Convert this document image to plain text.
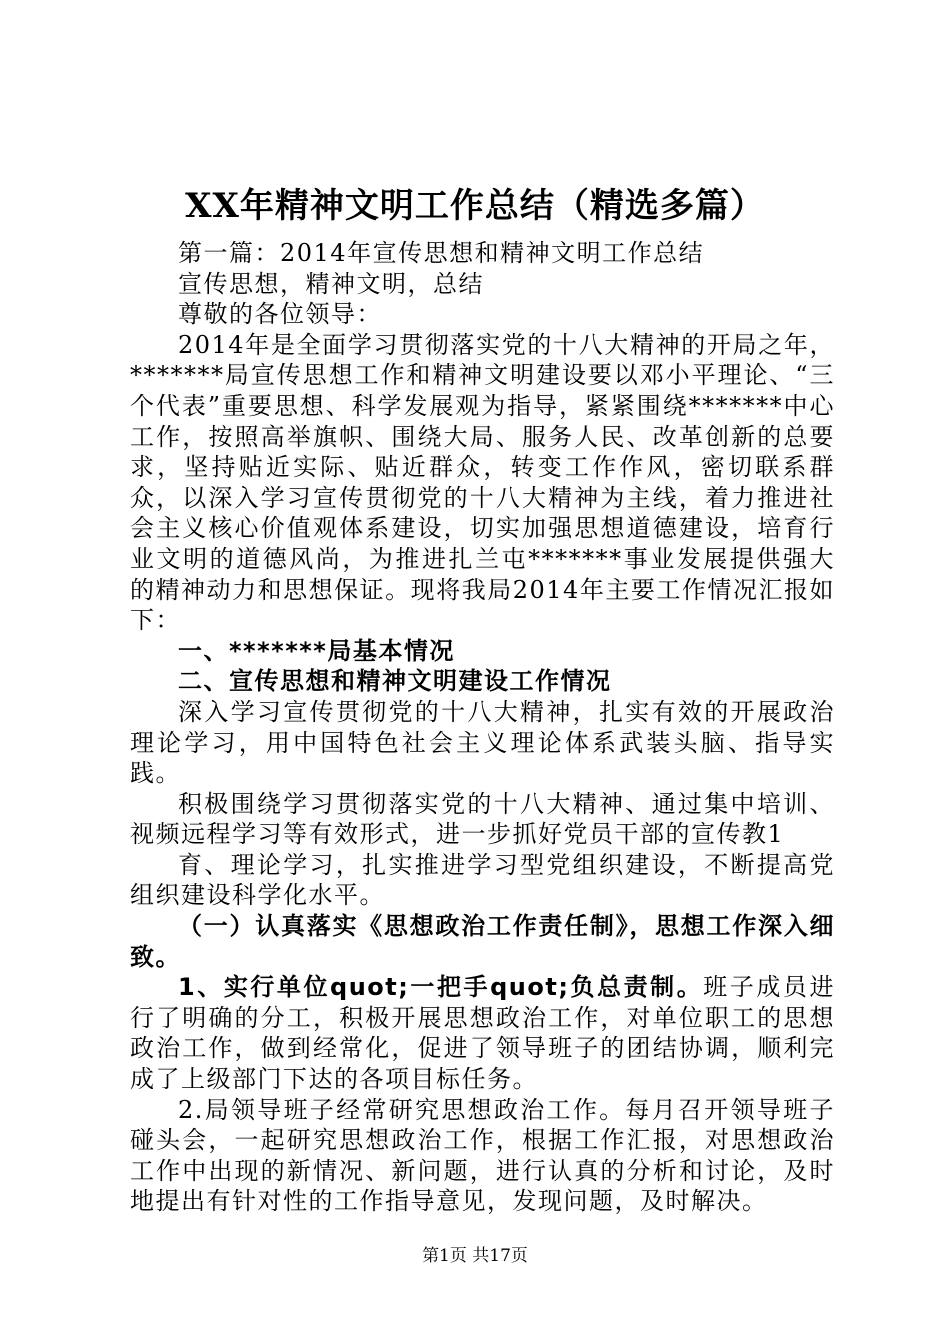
XX年精神文明工作总结（精选多篇）

第一篇：2014年宣传思想和精神文明工作总结

宣传思想，精神文明，总结

尊敬的各位领导：

2014年是全面学习贯彻落实党的十八大精神的开局之年，*******局宣传思想工作和精神文明建设要以邓小平理论、“三个代表”重要思想、科学发展观为指导，紧紧围绕*******中心工作，按照高举旗帜、围绕大局、服务人民、改革创新的总要求，坚持贴近实际、贴近群众，转变工作作风，密切联系群众，以深入学习宣传贯彻党的十八大精神为主线，着力推进社会主义核心价值观体系建设，切实加强思想道德建设，培育行业文明的道德风尚，为推进扎兰屯*******事业发展提供强大的精神动力和思想保证。现将我局2014年主要工作情况汇报如下：

一、*******局基本情况

二、宣传思想和精神文明建设工作情况

深入学习宣传贯彻党的十八大精神，扎实有效的开展政治理论学习，用中国特色社会主义理论体系武装头脑、指导实践。

积极围绕学习贯彻落实党的十八大精神、通过集中培训、视频远程学习等有效形式，进一步抓好党员干部的宣传教1

育、理论学习，扎实推进学习型党组织建设，不断提高党组织建设科学化水平。

（一）认真落实《思想政治工作责任制》，思想工作深入细致。

1、实行单位quot;一把手quot;负总责制。班子成员进行了明确的分工，积极开展思想政治工作，对单位职工的思想政治工作，做到经常化，促进了领导班子的团结协调，顺利完成了上级部门下达的各项目标任务。

2.局领导班子经常研究思想政治工作。每月召开领导班子碰头会，一起研究思想政治工作，根据工作汇报，对思想政治工作中出现的新情况、新问题，进行认真的分析和讨论，及时地提出有针对性的工作指导意见，发现问题，及时解决。

第1页 共17页
